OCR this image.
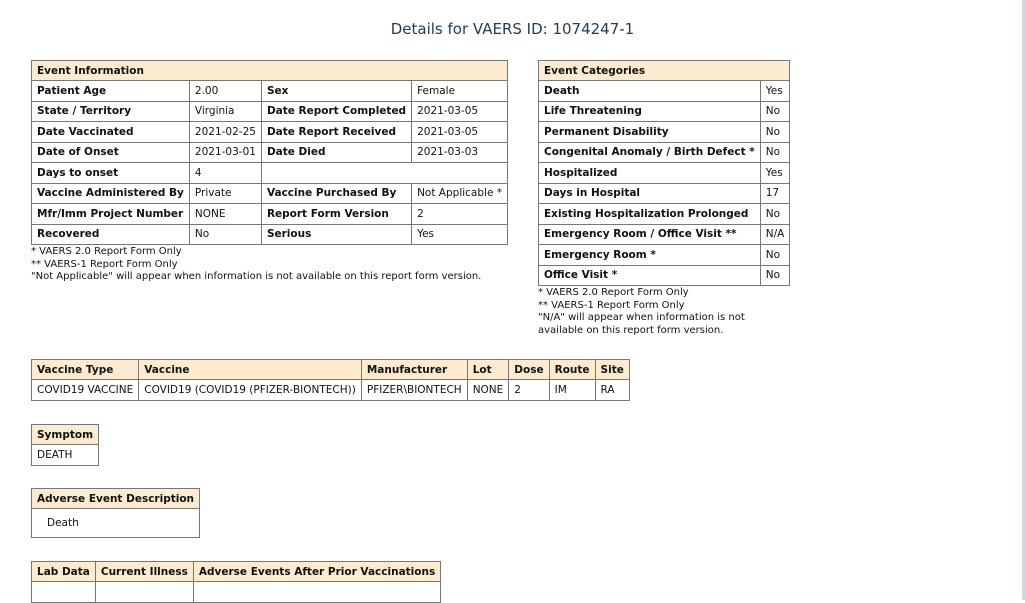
Details for VAERS ID: 1074247-1
Event Information			
Patient Age	2.00	Sex	Female
State / Territory	Virginia	Date Report Completed	2021-03-05
Date Vaccinated	2021-02-25	Date Report Received	2021-03-05
Date of Onset	2021-03-01	Date Died	2021-03-03
Days to onset	4		
Vaccine Administered By	Private	Vaccine Purchased By	Not Applicable *
Mfr/Imm Project Number	NONE	Report Form Version	2
Recovered	No	Serious	Yes
* VAERS 2.0 Report Form Only
** VAERS-1 Report Form Only
"Not Applicable" will appear when information is not available on this report form version.
Event Categories	
Death	Yes
Life Threatening	No
Permanent Disability	No
Congenital Anomaly / Birth Defect *	No
Hospitalized	Yes
Days in Hospital	17
Existing Hospitalization Prolonged	No
Emergency Room / Office Visit **	N/A
Emergency Room *	No
Office Visit *	No
* VAERS 2.0 Report Form Only
** VAERS-1 Report Form Only
"N/A" will appear when information is not
available on this report form version.
Vaccine Type	Vaccine	Manufacturer	Lot	Dose	Route	Site
COVID19 VACCINE	COVID19 (COVID19 (PFIZER-BIONTECH))	PFIZER\BIONTECH	NONE	2	IM	RA
Symptom
DEATH
Adverse Event Description
Death
Lab Data	Current Illness	Adverse Events After Prior Vaccinations
